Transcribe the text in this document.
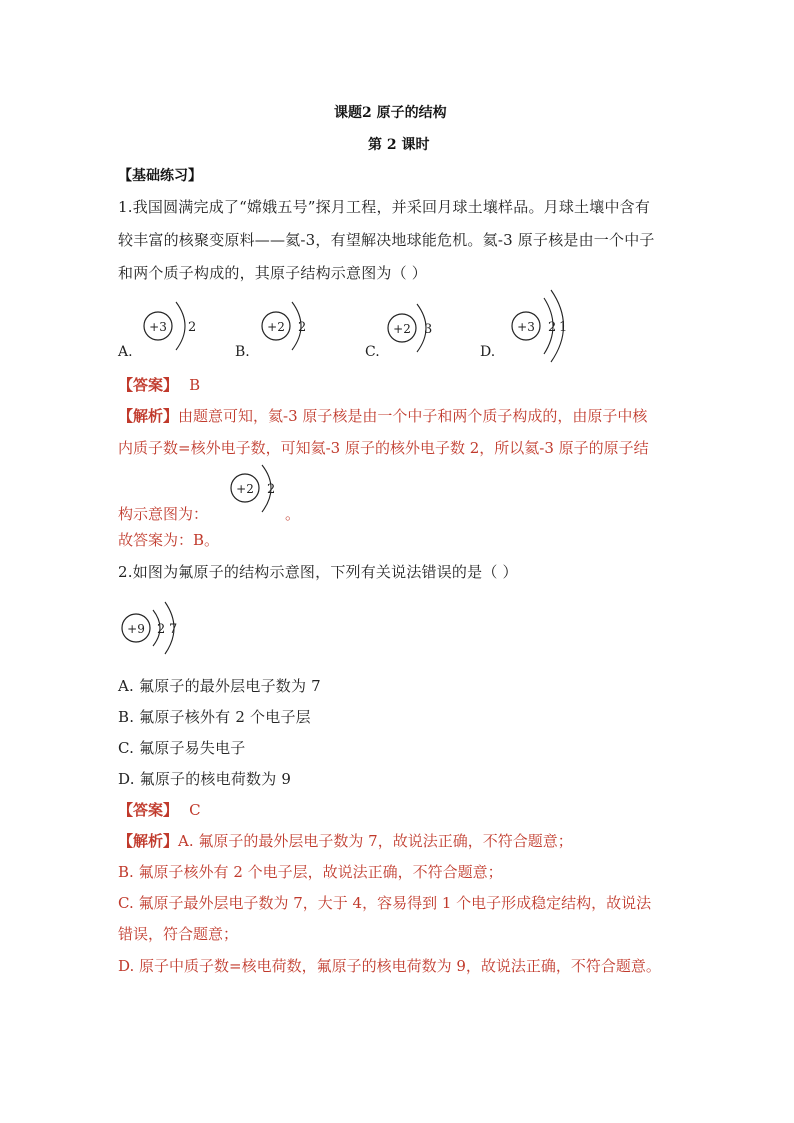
课题2 原子的结构
第 2 课时
【基础练习】
1.我国圆满完成了“嫦娥五号”探月工程，并采回月球土壤样品。月球土壤中含有
较丰富的核聚变原料——氦-3，有望解决地球能危机。氦-3 原子核是由一个中子
和两个质子构成的，其原子结构示意图为（ ）
+3 2	+2 2	+2 3	+3 2 1
A.	B.	C.	D.
【答案】 B
【解析】由题意可知，氦-3 原子核是由一个中子和两个质子构成的，由原子中核
内质子数=核外电子数，可知氦-3 原子的核外电子数 2，所以氦-3 原子的原子结
+2 2
构示意图为：	。
故答案为：B。
2.如图为氟原子的结构示意图，下列有关说法错误的是（ ）
+9 2 7
A. 氟原子的最外层电子数为 7
B. 氟原子核外有 2 个电子层
C. 氟原子易失电子
D. 氟原子的核电荷数为 9
【答案】 C
【解析】A. 氟原子的最外层电子数为 7，故说法正确，不符合题意；
B. 氟原子核外有 2 个电子层，故说法正确，不符合题意；
C. 氟原子最外层电子数为 7，大于 4，容易得到 1 个电子形成稳定结构，故说法
错误，符合题意；
D. 原子中质子数=核电荷数，氟原子的核电荷数为 9，故说法正确，不符合题意。
